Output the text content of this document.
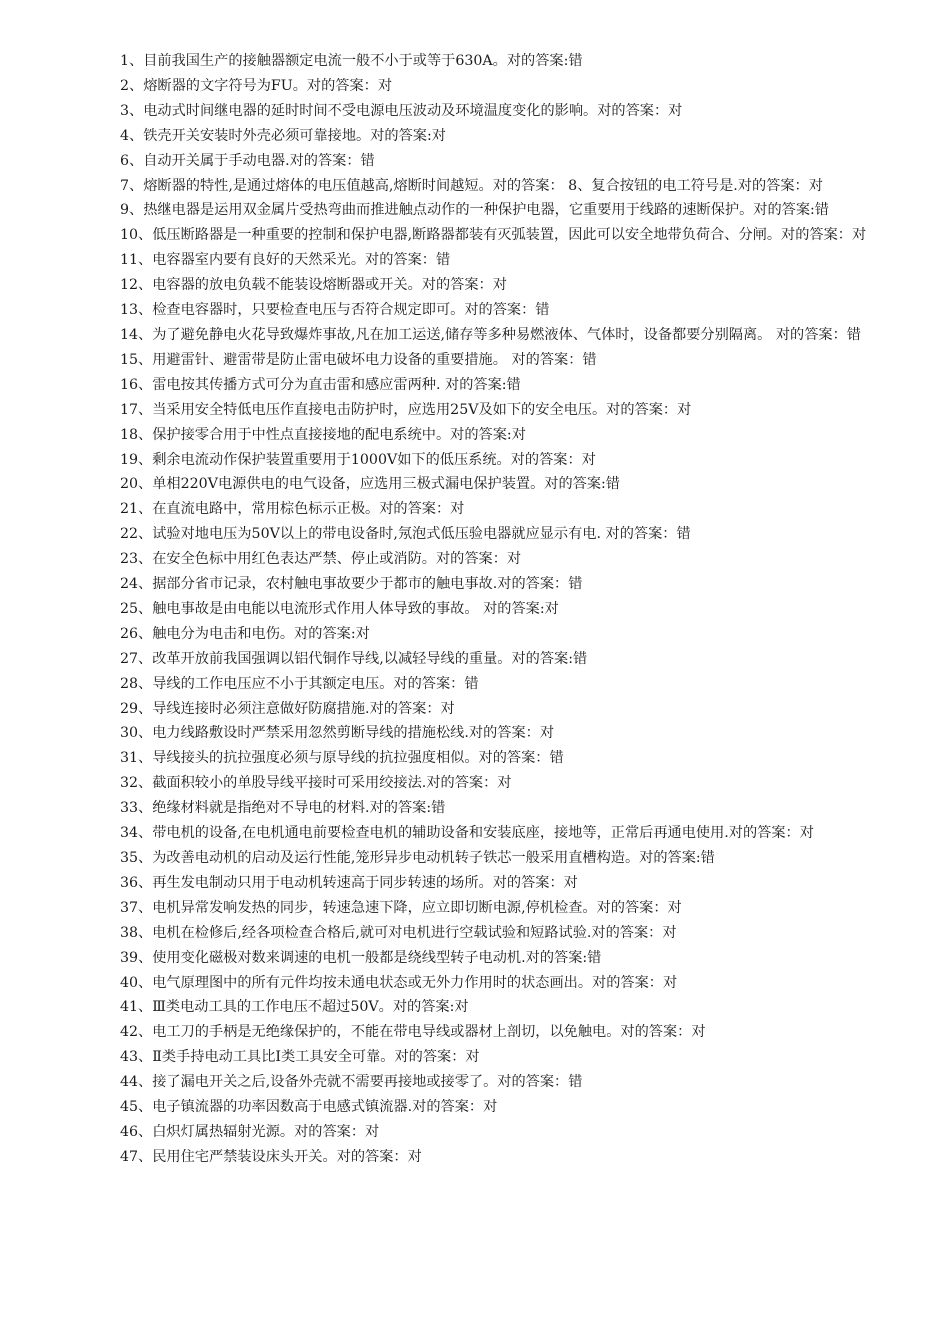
1、目前我国生产的接触器额定电流一般不小于或等于630A。对的答案:错

2、熔断器的文字符号为FU。对的答案：对

3、电动式时间继电器的延时时间不受电源电压波动及环境温度变化的影响。对的答案：对

4、铁壳开关安装时外壳必须可靠接地。对的答案:对

6、自动开关属于手动电器.对的答案：错

7、熔断器的特性,是通过熔体的电压值越高,熔断时间越短。对的答案： 8、复合按钮的电工符号是.对的答案：对

9、热继电器是运用双金属片受热弯曲而推进触点动作的一种保护电器，它重要用于线路的速断保护。对的答案:错

10、低压断路器是一种重要的控制和保护电器,断路器都装有灭弧装置，因此可以安全地带负荷合、分闸。对的答案：对

11、电容器室内要有良好的天然采光。对的答案：错

12、电容器的放电负载不能装设熔断器或开关。对的答案：对

13、检查电容器时，只要检查电压与否符合规定即可。对的答案：错

14、为了避免静电火花导致爆炸事故,凡在加工运送,储存等多种易燃液体、气体时，设备都要分别隔离。 对的答案：错

15、用避雷针、避雷带是防止雷电破坏电力设备的重要措施。 对的答案：错

16、雷电按其传播方式可分为直击雷和感应雷两种. 对的答案:错

17、当采用安全特低电压作直接电击防护时，应选用25V及如下的安全电压。对的答案：对

18、保护接零合用于中性点直接接地的配电系统中。对的答案:对

19、剩余电流动作保护装置重要用于1000V如下的低压系统。对的答案：对

20、单相220V电源供电的电气设备，应选用三极式漏电保护装置。对的答案:错

21、在直流电路中，常用棕色标示正极。对的答案：对

22、试验对地电压为50V以上的带电设备时,氖泡式低压验电器就应显示有电. 对的答案：错

23、在安全色标中用红色表达严禁、停止或消防。对的答案：对

24、据部分省市记录，农村触电事故要少于都市的触电事故.对的答案：错

25、触电事故是由电能以电流形式作用人体导致的事故。 对的答案:对

26、触电分为电击和电伤。对的答案:对

27、改革开放前我国强调以铝代铜作导线,以减轻导线的重量。对的答案:错

28、导线的工作电压应不小于其额定电压。对的答案：错

29、导线连接时必须注意做好防腐措施.对的答案：对

30、电力线路敷设时严禁采用忽然剪断导线的措施松线.对的答案：对

31、导线接头的抗拉强度必须与原导线的抗拉强度相似。对的答案：错

32、截面积较小的单股导线平接时可采用绞接法.对的答案：对

33、绝缘材料就是指绝对不导电的材料.对的答案:错

34、带电机的设备,在电机通电前要检查电机的辅助设备和安装底座，接地等，正常后再通电使用.对的答案：对

35、为改善电动机的启动及运行性能,笼形异步电动机转子铁芯一般采用直槽构造。对的答案:错

36、再生发电制动只用于电动机转速高于同步转速的场所。对的答案：对

37、电机异常发响发热的同步，转速急速下降，应立即切断电源,停机检查。对的答案：对

38、电机在检修后,经各项检查合格后,就可对电机进行空载试验和短路试验.对的答案：对

39、使用变化磁极对数来调速的电机一般都是绕线型转子电动机.对的答案:错

40、电气原理图中的所有元件均按未通电状态或无外力作用时的状态画出。对的答案：对

41、Ⅲ类电动工具的工作电压不超过50V。对的答案:对

42、电工刀的手柄是无绝缘保护的，不能在带电导线或器材上剖切，以免触电。对的答案：对

43、Ⅱ类手持电动工具比Ⅰ类工具安全可靠。对的答案：对

44、接了漏电开关之后,设备外壳就不需要再接地或接零了。对的答案：错

45、电子镇流器的功率因数高于电感式镇流器.对的答案：对

46、白炽灯属热辐射光源。对的答案：对

47、民用住宅严禁装设床头开关。对的答案：对
